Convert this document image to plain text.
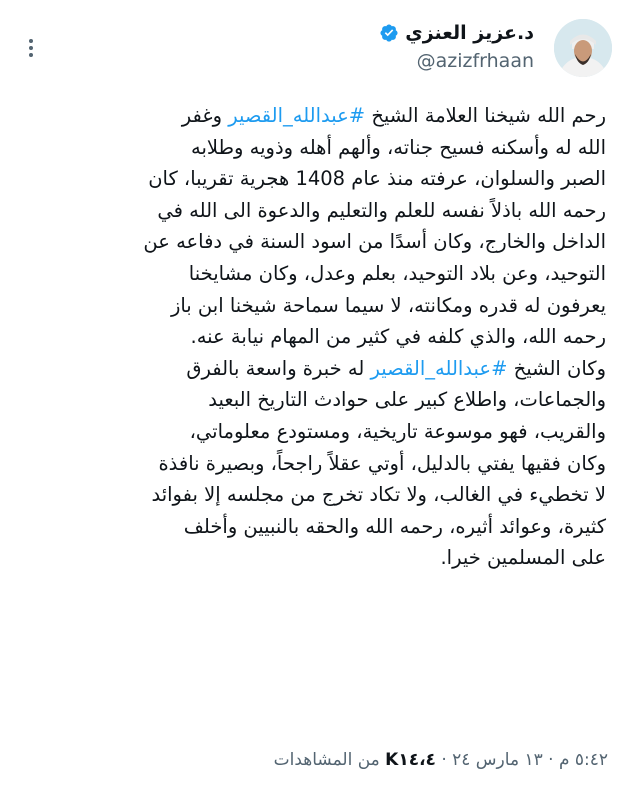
د.عزيز العنزي
@azizfrhaan
رحم الله شيخنا العلامة الشيخ #عبدالله_القصير وغفر
الله له وأسكنه فسيح جناته، وألهم أهله وذويه وطلابه
الصبر والسلوان، عرفته منذ عام 1408 هجرية تقريبا، كان
رحمه الله باذلاً نفسه للعلم والتعليم والدعوة الى الله في
الداخل والخارج، وكان أسدًا من اسود السنة في دفاعه عن
التوحيد، وعن بلاد التوحيد، بعلم وعدل، وكان مشايخنا
يعرفون له قدره ومكانته، لا سيما سماحة شيخنا ابن باز
رحمه الله، والذي كلفه في كثير من المهام نيابة عنه.
وكان الشيخ #عبدالله_القصير له خبرة واسعة بالفرق
والجماعات، واطلاع كبير على حوادث التاريخ البعيد
والقريب، فهو موسوعة تاريخية، ومستودع معلوماتي،
وكان فقيها يفتي بالدليل، أوتي عقلاً راجحاً، وبصيرة نافذة
لا تخطيء في الغالب، ولا تكاد تخرج من مجلسه إلا بفوائد
كثيرة، وعوائد أثيره، رحمه الله والحقه بالنبيين وأخلف
على المسلمين خيرا.
٥:٤٢ م · ١٣ مارس ٢٤ · K١٤،٤ من المشاهدات
